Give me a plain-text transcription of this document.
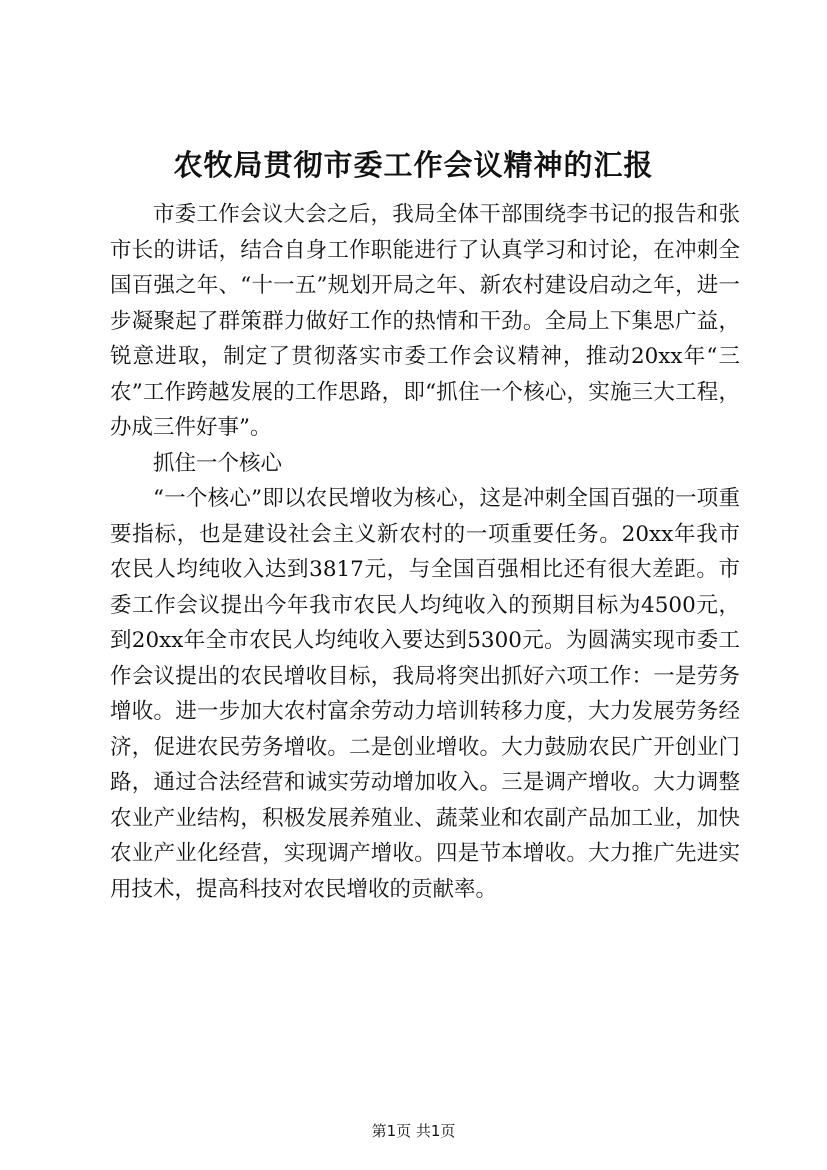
农牧局贯彻市委工作会议精神的汇报

市委工作会议大会之后，我局全体干部围绕李书记的报告和张市长的讲话，结合自身工作职能进行了认真学习和讨论，在冲刺全国百强之年、“十一五”规划开局之年、新农村建设启动之年，进一步凝聚起了群策群力做好工作的热情和干劲。全局上下集思广益，锐意进取，制定了贯彻落实市委工作会议精神，推动20xx年“三农”工作跨越发展的工作思路，即“抓住一个核心，实施三大工程，办成三件好事”。

抓住一个核心

“一个核心”即以农民增收为核心，这是冲刺全国百强的一项重要指标，也是建设社会主义新农村的一项重要任务。20xx年我市农民人均纯收入达到3817元，与全国百强相比还有很大差距。市委工作会议提出今年我市农民人均纯收入的预期目标为4500元，到20xx年全市农民人均纯收入要达到5300元。为圆满实现市委工作会议提出的农民增收目标，我局将突出抓好六项工作：一是劳务增收。进一步加大农村富余劳动力培训转移力度，大力发展劳务经济，促进农民劳务增收。二是创业增收。大力鼓励农民广开创业门路，通过合法经营和诚实劳动增加收入。三是调产增收。大力调整农业产业结构，积极发展养殖业、蔬菜业和农副产品加工业，加快农业产业化经营，实现调产增收。四是节本增收。大力推广先进实用技术，提高科技对农民增收的贡献率。

第1页 共1页
